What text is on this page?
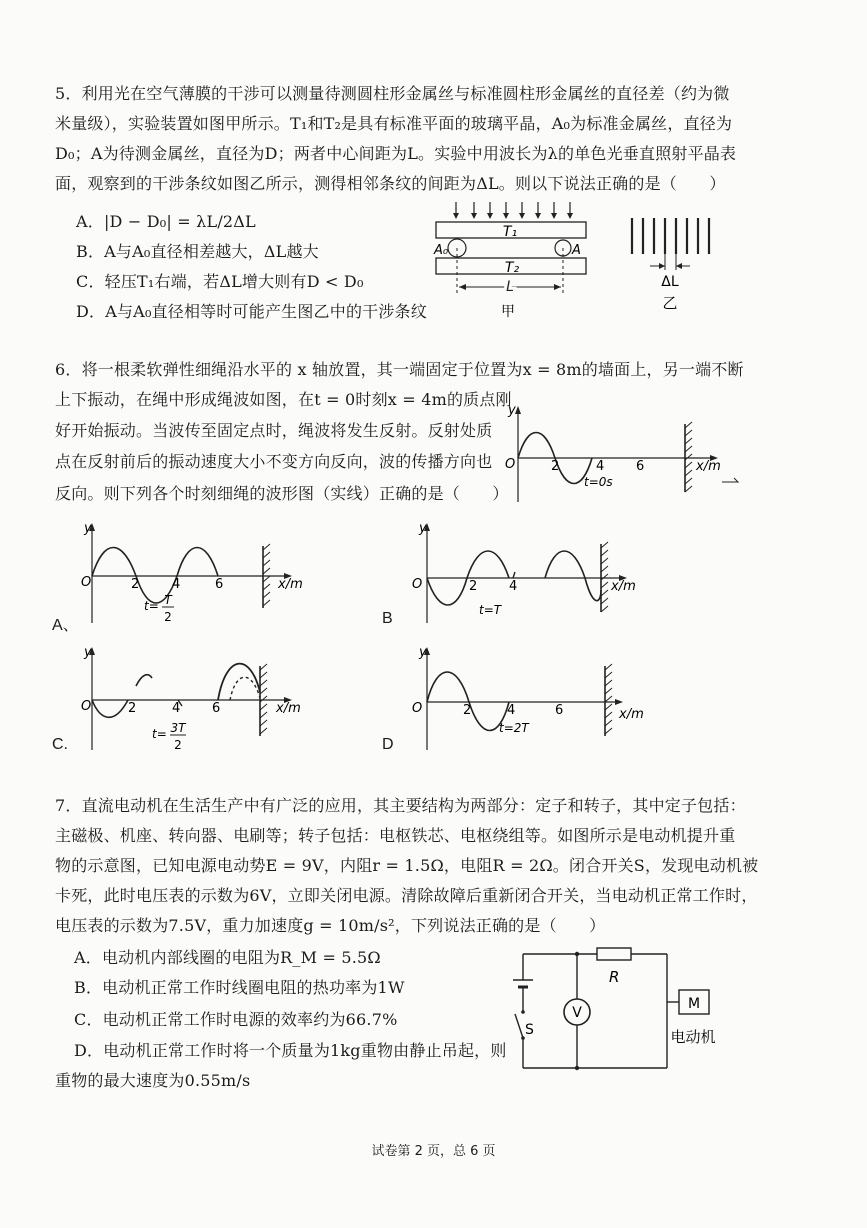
5．利用光在空气薄膜的干涉可以测量待测圆柱形金属丝与标准圆柱形金属丝的直径差（约为微

米量级），实验装置如图甲所示。T₁和T₂是具有标准平面的玻璃平晶，A₀为标准金属丝，直径为

D₀；A为待测金属丝，直径为D；两者中心间距为L。实验中用波长为λ的单色光垂直照射平晶表

面，观察到的干涉条纹如图乙所示，测得相邻条纹的间距为ΔL。则以下说法正确的是（　　）

A．|D − D₀| = λL/2ΔL

B．A与A₀直径相差越大，ΔL越大

C．轻压T₁右端，若ΔL增大则有D < D₀

D．A与A₀直径相等时可能产生图乙中的干涉条纹

T₁
T₂
A₀	A
L
甲
ΔL
乙

6．将一根柔软弹性细绳沿水平的 x 轴放置，其一端固定于位置为x = 8m的墙面上，另一端不断

上下振动，在绳中形成绳波如图，在t = 0时刻x = 4m的质点刚

好开始振动。当波传至固定点时，绳波将发生反射。反射处质

点在反射前后的振动速度大小不变方向反向，波的传播方向也

反向。则下列各个时刻细绳的波形图（实线）正确的是（　　）

y
O	2	4 6	x/m
t=0s
y
O	2	4	6	x/m
t= T
2
A、
y
O	2 4	x/m
t=T
B
y
O	2	4 6	x/m
t= 3T
2
C.
y
O	2	4	6	x/m
t=2T
D

7．直流电动机在生活生产中有广泛的应用，其主要结构为两部分：定子和转子，其中定子包括：

主磁极、机座、转向器、电刷等；转子包括：电枢铁芯、电枢绕组等。如图所示是电动机提升重

物的示意图，已知电源电动势E = 9V，内阻r = 1.5Ω，电阻R = 2Ω。闭合开关S，发现电动机被

卡死，此时电压表的示数为6V，立即关闭电源。清除故障后重新闭合开关，当电动机正常工作时，

电压表的示数为7.5V，重力加速度g = 10m/s²，下列说法正确的是（　　）

A．电动机内部线圈的电阻为R_M = 5.5Ω

B．电动机正常工作时线圈电阻的热功率为1W

C．电动机正常工作时电源的效率约为66.7%

D．电动机正常工作时将一个质量为1kg重物由静止吊起，则

重物的最大速度为0.55m/s

S
R
V
M
电动机
试卷第 2 页，总 6 页
